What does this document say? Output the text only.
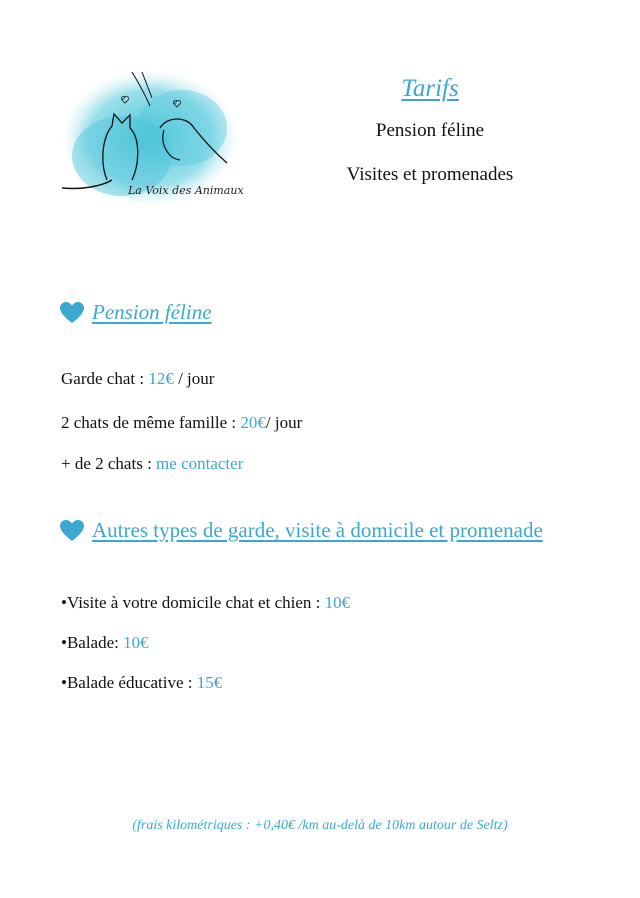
La Voix des Animaux
Tarifs
Pension féline
Visites et promenades
Pension féline
Garde chat : 12€ / jour
2 chats de même famille : 20€/ jour
+ de 2 chats : me contacter
Autres types de garde, visite à domicile et promenade
•Visite à votre domicile chat et chien : 10€
•Balade: 10€
•Balade éducative : 15€
(frais kilométriques : +0,40€ /km au-delà de 10km autour de Seltz)
